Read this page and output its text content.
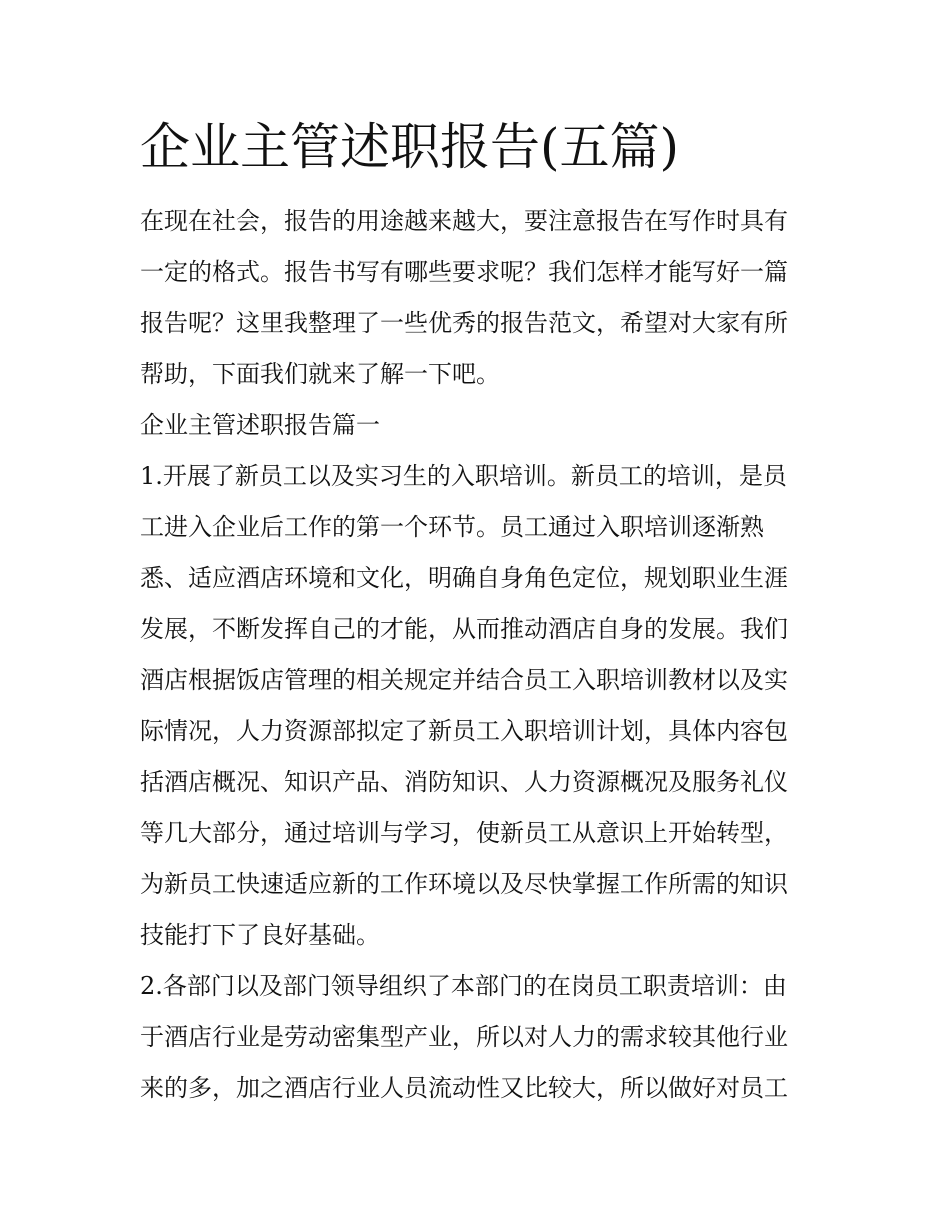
企业主管述职报告(五篇)

在现在社会，报告的用途越来越大，要注意报告在写作时具有

一定的格式。报告书写有哪些要求呢？我们怎样才能写好一篇

报告呢？这里我整理了一些优秀的报告范文，希望对大家有所

帮助，下面我们就来了解一下吧。

企业主管述职报告篇一

1.开展了新员工以及实习生的入职培训。新员工的培训，是员

工进入企业后工作的第一个环节。员工通过入职培训逐渐熟

悉、适应酒店环境和文化，明确自身角色定位，规划职业生涯

发展，不断发挥自己的才能，从而推动酒店自身的发展。我们

酒店根据饭店管理的相关规定并结合员工入职培训教材以及实

际情况，人力资源部拟定了新员工入职培训计划，具体内容包

括酒店概况、知识产品、消防知识、人力资源概况及服务礼仪

等几大部分，通过培训与学习，使新员工从意识上开始转型，

为新员工快速适应新的工作环境以及尽快掌握工作所需的知识

技能打下了良好基础。

2.各部门以及部门领导组织了本部门的在岗员工职责培训：由

于酒店行业是劳动密集型产业，所以对人力的需求较其他行业

来的多，加之酒店行业人员流动性又比较大，所以做好对员工
